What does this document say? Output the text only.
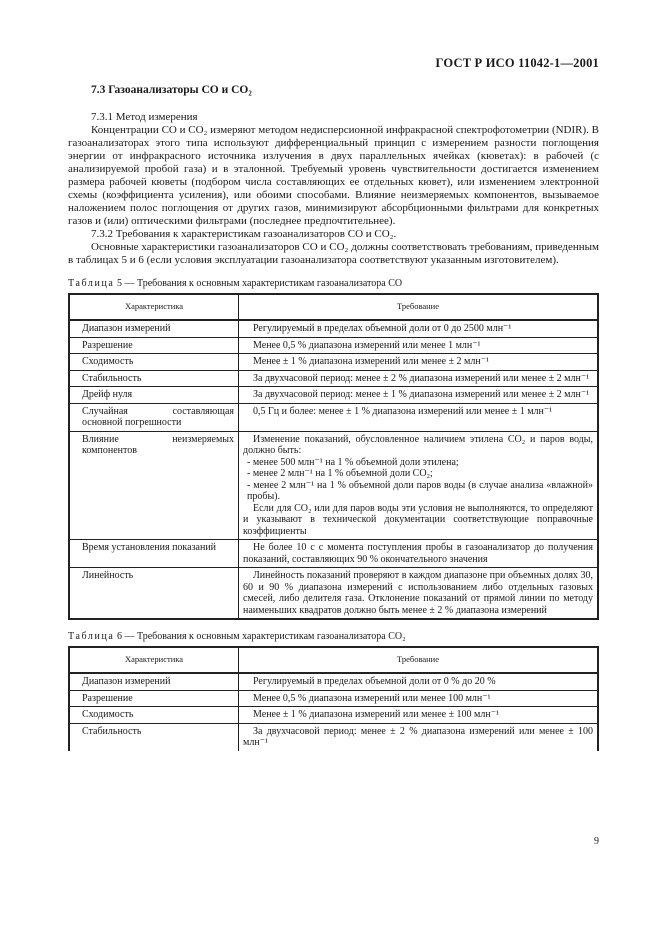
ГОСТ Р ИСО 11042-1—2001
7.3 Газоанализаторы СО и СО₂
7.3.1 Метод измерения

Концентрации СО и СО₂ измеряют методом недисперсионной инфракрасной спектрофотометрии (NDIR). В газоанализаторах этого типа используют дифференциальный принцип с измерением разности поглощения энергии от инфракрасного источника излучения в двух параллельных ячейках (кюветах): в рабочей (с анализируемой пробой газа) и в эталонной. Требуемый уровень чувствительности достигается изменением размера рабочей кюветы (подбором числа составляющих ее отдельных кювет), или изменением электронной схемы (коэффициента усиления), или обоими способами. Влияние неизмеряемых компонентов, вызываемое наложением полос поглощения от других газов, минимизируют абсорбционными фильтрами для конкретных газов и (или) оптическими фильтрами (последнее предпочтительнее).

7.3.2 Требования к характеристикам газоанализаторов СО и СО₂.

Основные характеристики газоанализаторов СО и СО₂ должны соответствовать требованиям, приведенным в таблицах 5 и 6 (если условия эксплуатации газоанализатора соответствуют указанным изготовителем).

Таблица 5 — Требования к основным характеристикам газоанализатора СО
Характеристика	Требование
Диапазон измерений	Регулируемый в пределах объемной доли от 0 до 2500 млн⁻¹
Разрешение	Менее 0,5 % диапазона измерений или менее 1 млн⁻¹
Сходимость	Менее ± 1 % диапазона измерений или менее ± 2 млн⁻¹
Стабильность	За двухчасовой период: менее ± 2 % диапазона измерений или менее ± 2 млн⁻¹
Дрейф нуля	За двухчасовой период: менее ± 1 % диапазона измерений или менее ± 2 млн⁻¹
Случайная составляющая основной погрешности	0,5 Гц и более: менее ± 1 % диапазона измерений или менее ± 1 млн⁻¹
Влияние неизмеряемых компонентов	Изменение показаний, обусловленное наличием этилена СО₂ и паров воды, должно быть:

- менее 500 млн⁻¹ на 1 % объемной доли этилена;
- менее 2 млн⁻¹ на 1 % объемной доли СО₂;
- менее 2 млн⁻¹ на 1 % объемной доли паров воды (в случае анализа «влажной» пробы).

Если для СО₂ или для паров воды эти условия не выполняются, то определяют и указывают в технической документации соответствующие поправочные коэффициенты

Время установления показаний	Не более 10 с с момента поступления пробы в газоанализатор до получения показаний, составляющих 90 % окончательного значения

Линейность	Линейность показаний проверяют в каждом диапазоне при объемных долях 30, 60 и 90 % диапазона измерений с использованием либо отдельных газовых смесей, либо делителя газа. Отклонение показаний от прямой линии по методу наименьших квадратов должно быть менее ± 2 % диапазона измерений

Таблица 6 — Требования к основным характеристикам газоанализатора СО₂
Характеристика	Требование
Диапазон измерений	Регулируемый в пределах объемной доли от 0 % до 20 %
Разрешение	Менее 0,5 % диапазона измерений или менее 100 млн⁻¹
Сходимость	Менее ± 1 % диапазона измерений или менее ± 100 млн⁻¹
Стабильность	За двухчасовой период: менее ± 2 % диапазона измерений или менее ± 100 млн⁻¹

9
